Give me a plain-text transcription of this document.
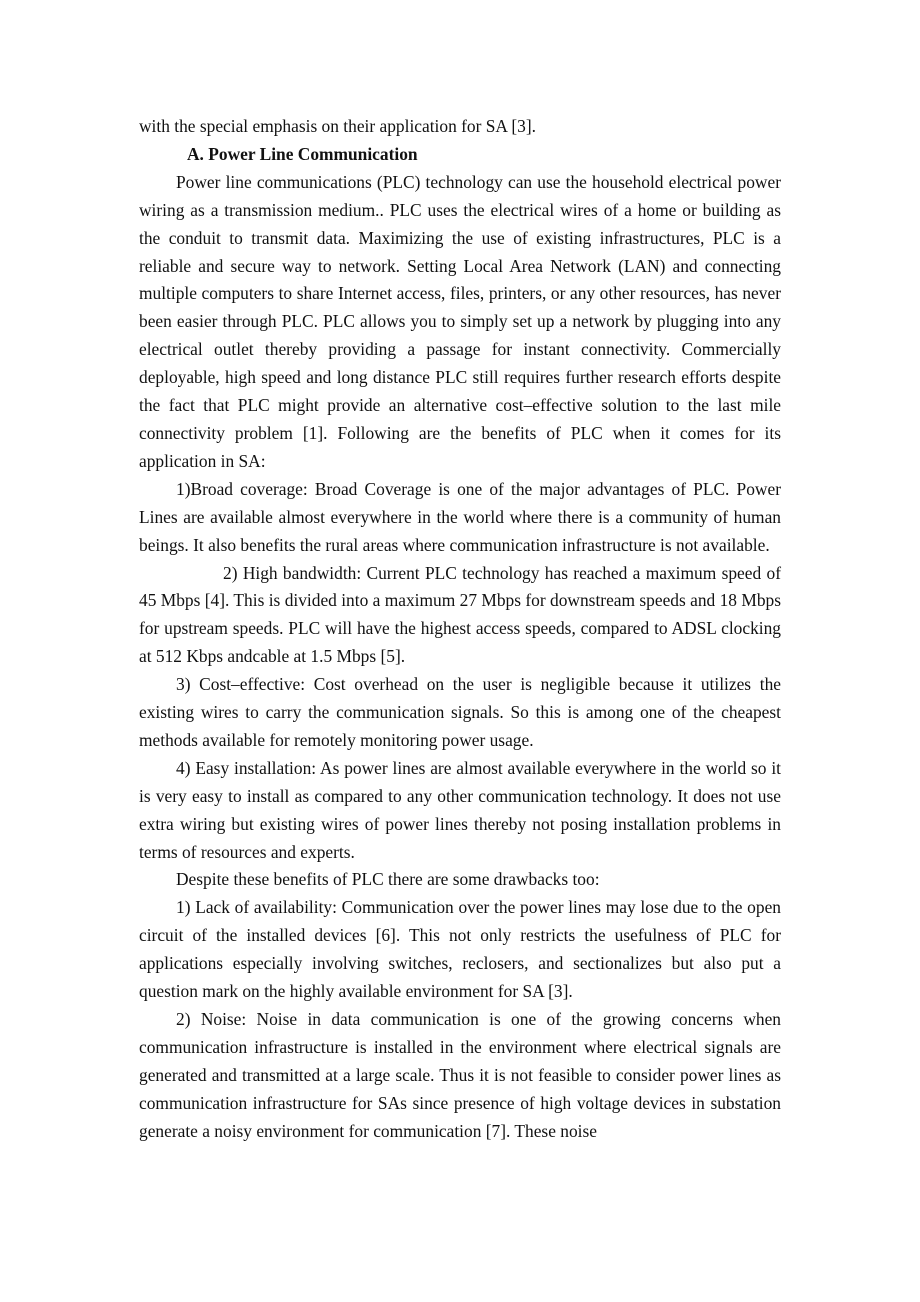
with the special emphasis on their application for SA [3].

A. Power Line Communication

Power line communications (PLC) technology can use the household electrical power wiring as a transmission medium.. PLC uses the electrical wires of a home or building as the conduit to transmit data. Maximizing the use of existing infrastructures, PLC is a reliable and secure way to network. Setting Local Area Network (LAN) and connecting multiple computers to share Internet access, files, printers, or any other resources, has never been easier through PLC. PLC allows you to simply set up a network by plugging into any electrical outlet thereby providing a passage for instant connectivity. Commercially deployable, high speed and long distance PLC still requires further research efforts despite the fact that PLC might provide an alternative cost–effective solution to the last mile connectivity problem [1]. Following are the benefits of PLC when it comes for its application in SA:

1)Broad coverage: Broad Coverage is one of the major advantages of PLC. Power Lines are available almost everywhere in the world where there is a community of human beings. It also benefits the rural areas where communication infrastructure is not available.

2) High bandwidth: Current PLC technology has reached a maximum speed of 45 Mbps [4]. This is divided into a maximum 27 Mbps for downstream speeds and 18 Mbps for upstream speeds. PLC will have the highest access speeds, compared to ADSL clocking at 512 Kbps andcable at 1.5 Mbps [5].

3) Cost–effective: Cost overhead on the user is negligible because it utilizes the existing wires to carry the communication signals. So this is among one of the cheapest methods available for remotely monitoring power usage.

4) Easy installation: As power lines are almost available everywhere in the world so it is very easy to install as compared to any other communication technology. It does not use extra wiring but existing wires of power lines thereby not posing installation problems in terms of resources and experts.

Despite these benefits of PLC there are some drawbacks too:

1) Lack of availability: Communication over the power lines may lose due to the open circuit of the installed devices [6]. This not only restricts the usefulness of PLC for applications especially involving switches, reclosers, and sectionalizes but also put a question mark on the highly available environment for SA [3].

2) Noise: Noise in data communication is one of the growing concerns when communication infrastructure is installed in the environment where electrical signals are generated and transmitted at a large scale. Thus it is not feasible to consider power lines as communication infrastructure for SAs since presence of high voltage devices in substation generate a noisy environment for communication [7]. These noise
